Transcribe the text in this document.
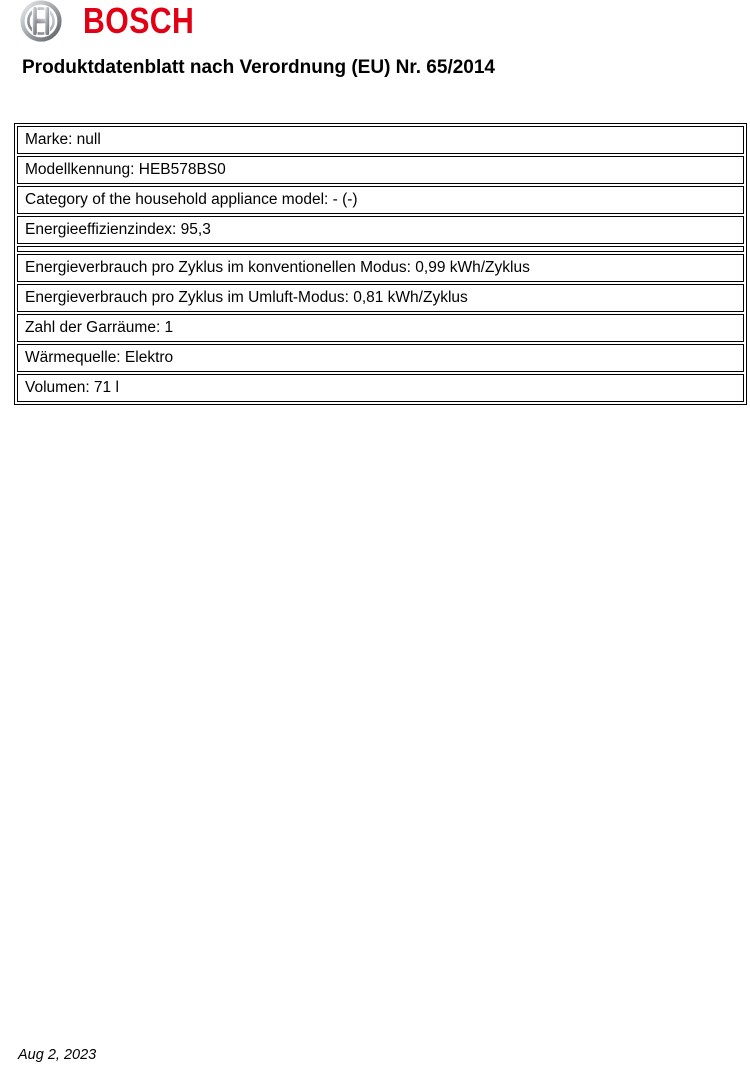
BOSCH
Produktdatenblatt nach Verordnung (EU) Nr. 65/2014
Marke: null
Modellkennung: HEB578BS0
Category of the household appliance model: - (-)
Energieeffizienzindex: 95,3

Energieverbrauch pro Zyklus im konventionellen Modus: 0,99 kWh/Zyklus
Energieverbrauch pro Zyklus im Umluft-Modus: 0,81 kWh/Zyklus
Zahl der Garräume: 1
Wärmequelle: Elektro
Volumen: 71 l
Aug 2, 2023
